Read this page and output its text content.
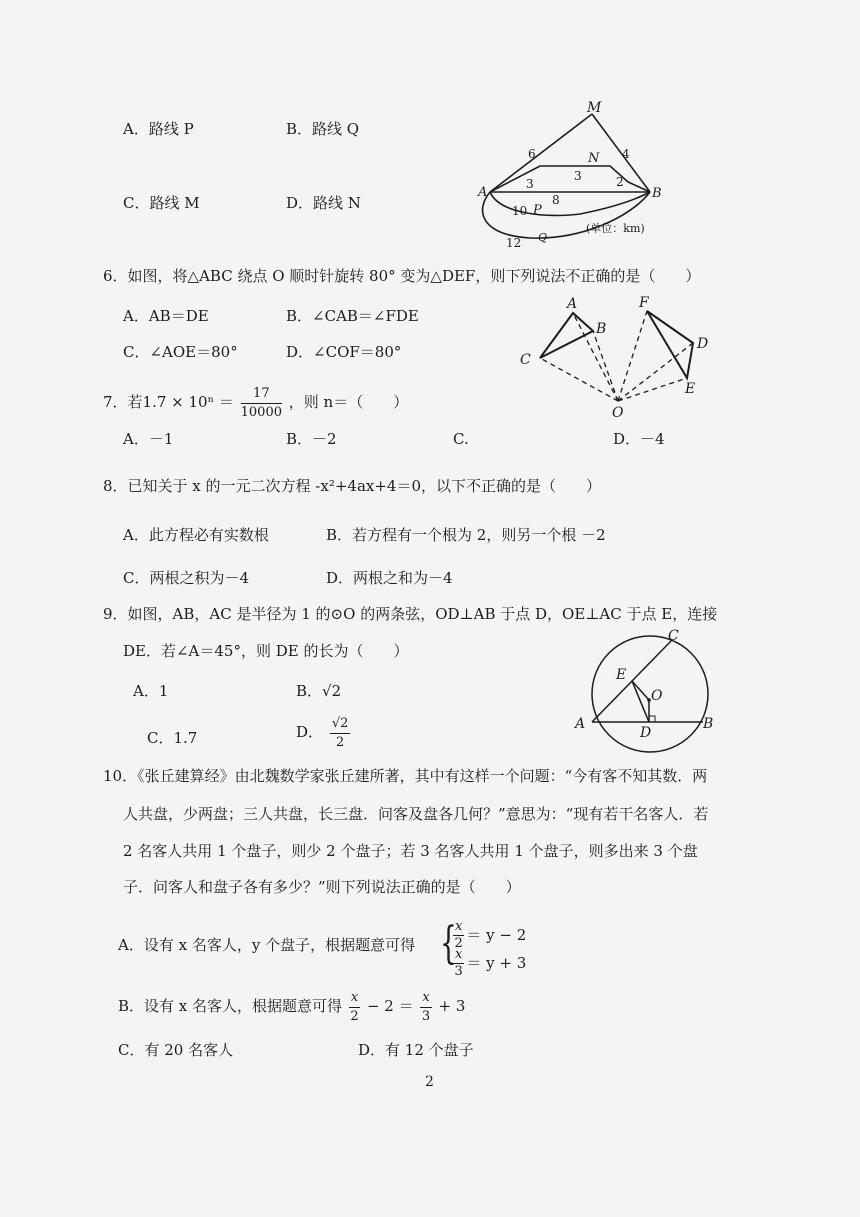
A．路线 P	B．路线 Q
C．路线 M	D．路线 N
M
N
A	B
P
Q
6	4
3
3	2
8
10
12
(单位：km)
6．如图，将△ABC 绕点 O 顺时针旋转 80° 变为△DEF，则下列说法不正确的是（　　）
A．AB＝DE	B．∠CAB＝∠FDE
C．∠AOE＝80°	D．∠COF＝80°
A
B
C
F
D
E
O
7．若$1.7 \times 10^n = \frac{17}{10000}$ ，则 n＝（　　）
A．－1	B．－2	C.	D．－4
8．已知关于 x 的一元二次方程 -x²+4ax+4＝0，以下不正确的是（　　）
A．此方程必有实数根	B．若方程有一个根为 2，则另一个根 －2
C．两根之积为－4	D．两根之和为－4
9．如图，AB，AC 是半径为 1 的⊙O 的两条弦，OD⊥AB 于点 D，OE⊥AC 于点 E，连接
DE．若∠A＝45°，则 DE 的长为（　　）
A．1	B．√2
C．1.7	D． $\frac{√2}{2}$
C
E
O
A
D
B
10．《张丘建算经》由北魏数学家张丘建所著，其中有这样一个问题：“今有客不知其数．两
人共盘，少两盘；三人共盘，长三盘．问客及盘各几何？”意思为：“现有若干名客人．若
2 名客人共用 1 个盘子，则少 2 个盘子；若 3 名客人共用 1 个盘子，则多出来 3 个盘
子．问客人和盘子各有多少？”则下列说法正确的是（　　）
A．设有 x 名客人，y 个盘子，根据题意可得 {
$\frac{x}{2} = y - 2$
$\frac{x}{3} = y + 3$
B．设有 x 名客人，根据题意可得 $\frac{x}{2} - 2 = \frac{x}{3} + 3$
C．有 20 名客人	D．有 12 个盘子
2
